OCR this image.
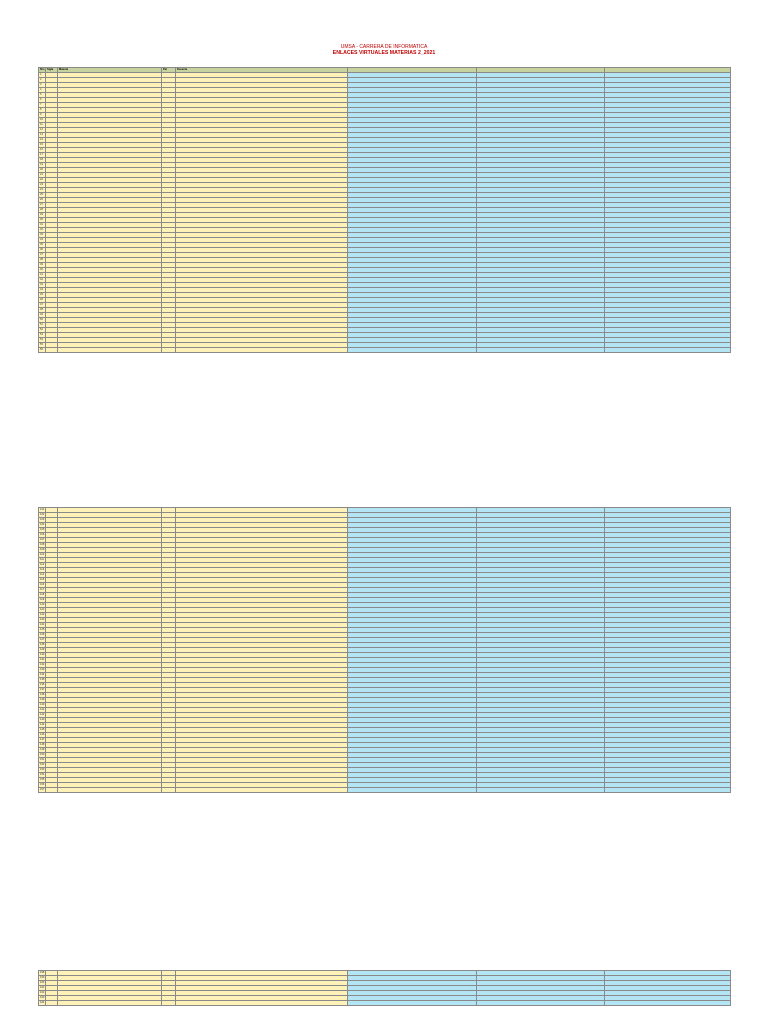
UMSA - CARRERA DE INFORMATICA
ENLACES VIRTUALES MATERIAS 2_2021
Nro	Sigla	Materia	Par	Docente			
1							
2							
3							
4							
5							
6							
7							
8							
9							
10							
11							
12							
13							
14							
15							
16							
17							
18							
19							
20							
21							
22							
23							
24							
25							
26							
27							
28							
29							
30							
31							
32							
33							
34							
35							
36							
37							
38							
39							
40							
41							
42							
43							
44							
45							
46							
47							
48							
49							
50							
51							
52							
53							
54							
55							
56							
101							
102							
103							
104							
105							
106							
107							
108							
109							
110							
111							
112							
113							
114							
115							
116							
117							
118							
119							
120							
121							
122							
123							
124							
125							
126							
127							
128							
129							
130							
131							
132							
133							
134							
135							
136							
137							
138							
139							
140							
141							
142							
143							
144							
145							
146							
147							
148							
149							
150							
151							
152							
153							
154							
155							
156							
157							
158							
159							
160							
161							
162							
163							
164							
